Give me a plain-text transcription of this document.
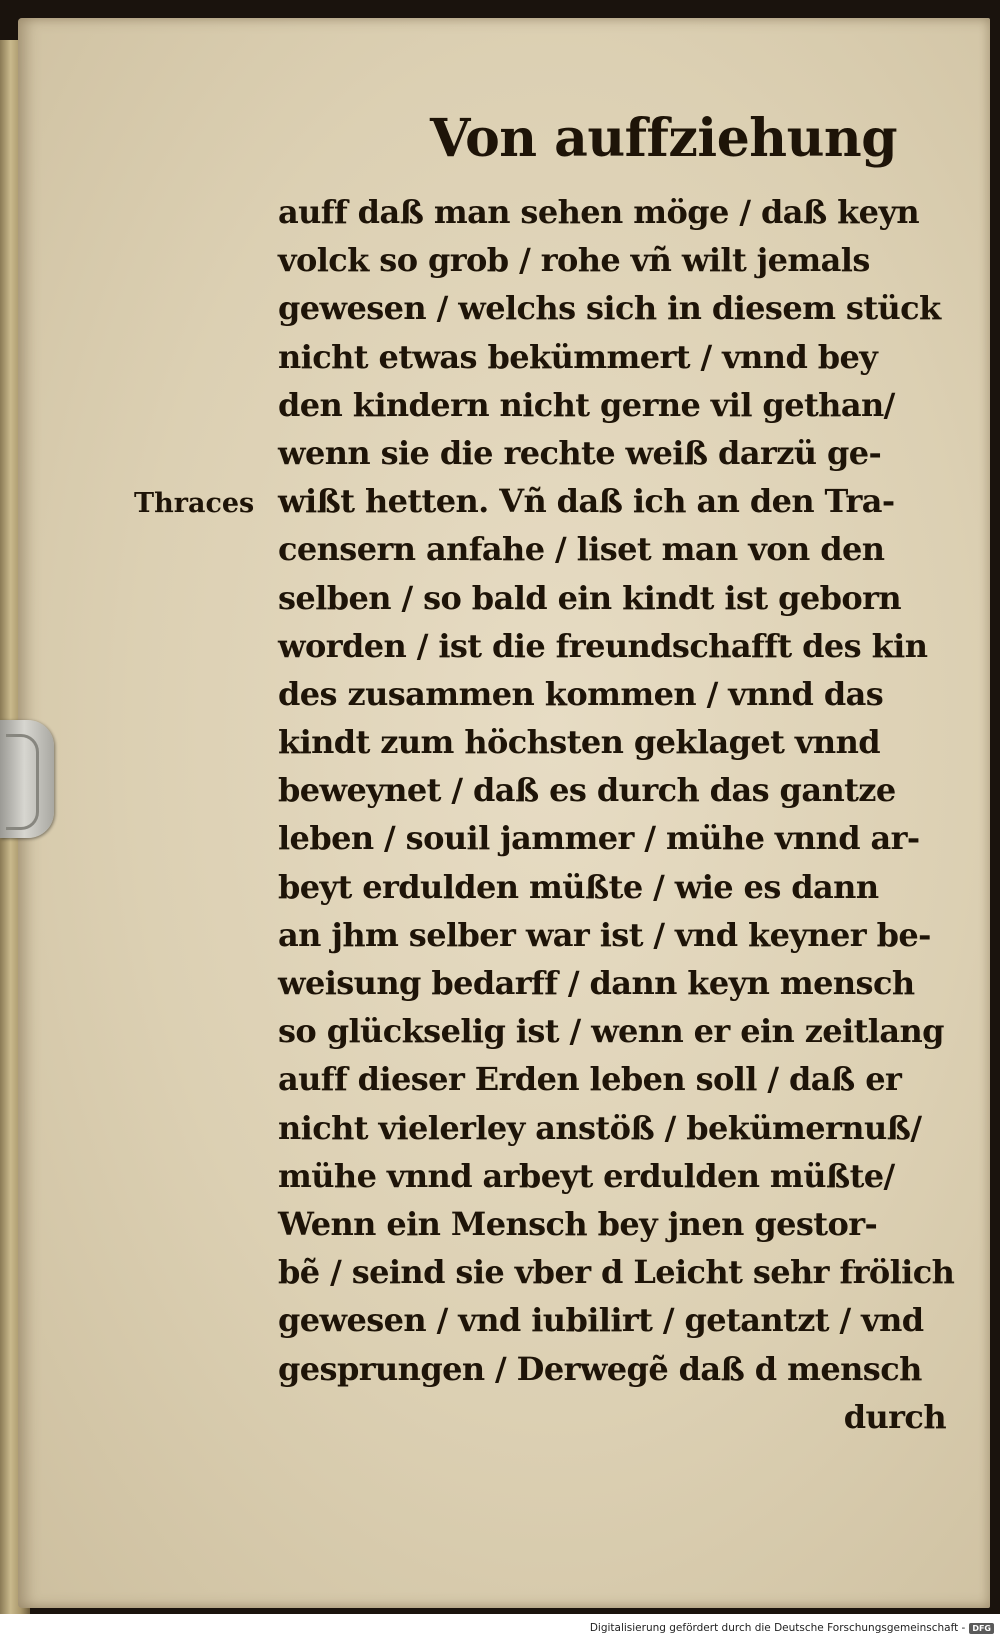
Von auffziehung
Thraces
auff daß man sehen möge / daß keyn
volck so grob / rohe vñ wilt jemals
gewesen / welchs sich in diesem stück
nicht etwas bekümmert / vnnd bey
den kindern nicht gerne vil gethan/
wenn sie die rechte weiß darzü ge-
wißt hetten. Vñ daß ich an den Tra-
censern anfahe / liset man von den
selben / so bald ein kindt ist geborn
worden / ist die freundschafft des kin
des zusammen kommen / vnnd das
kindt zum höchsten geklaget vnnd
beweynet / daß es durch das gantze
leben / souil jammer / mühe vnnd ar-
beyt erdulden müßte / wie es dann
an jhm selber war ist / vnd keyner be-
weisung bedarff / dann keyn mensch
so glückselig ist / wenn er ein zeitlang
auff dieser Erden leben soll / daß er
nicht vielerley anstöß / bekümernuß/
mühe vnnd arbeyt erdulden müßte/
Wenn ein Mensch bey jnen gestor-
bẽ / seind sie vber d Leicht sehr frölich
gewesen / vnd iubilirt / getantzt / vnd
gesprungen / Derwegẽ daß d mensch
durch
Digitalisierung gefördert durch die Deutsche Forschungsgemeinschaft - DFG
